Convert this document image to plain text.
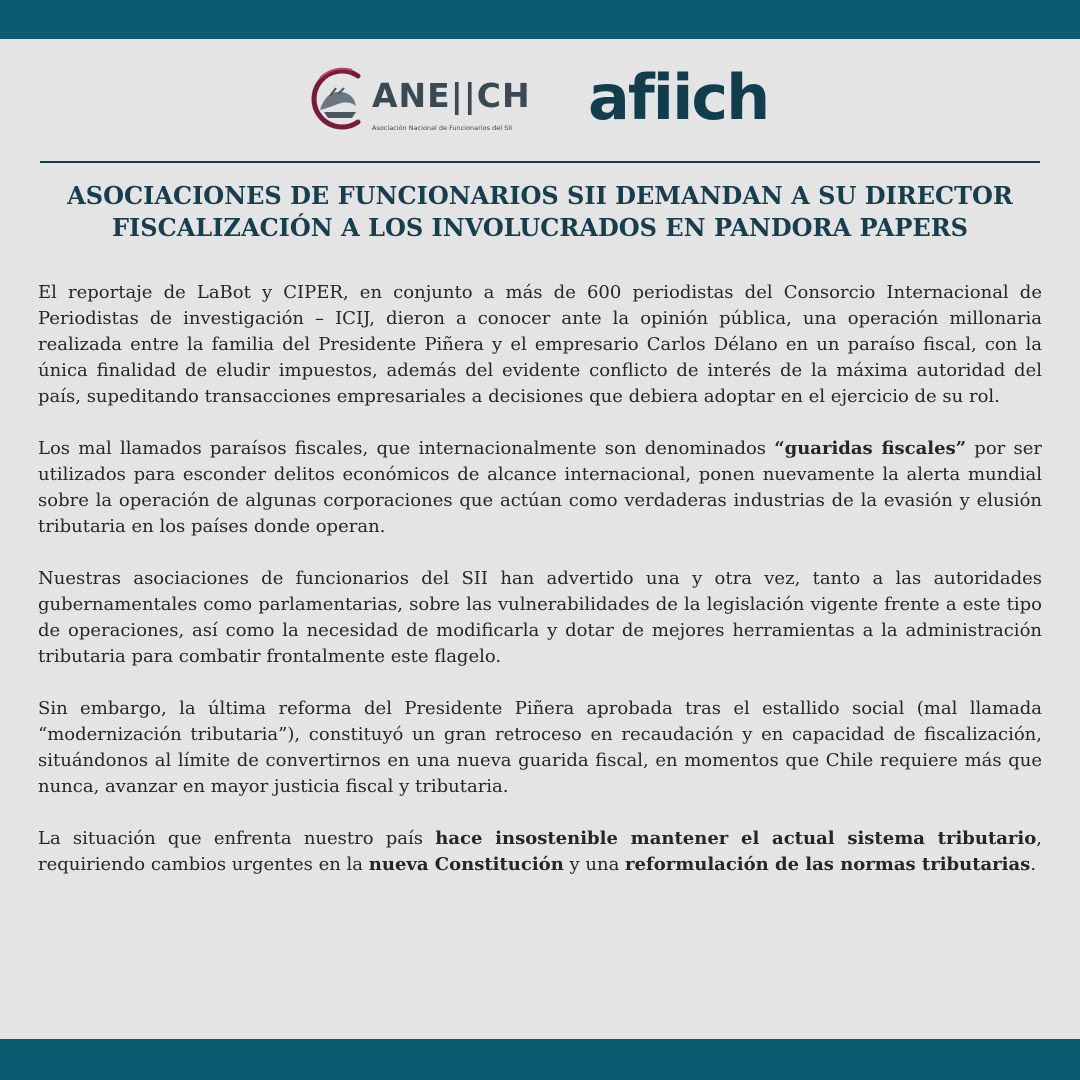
ANE||CH
Asociación Nacional de Funcionarios del SII afiich
ASOCIACIONES DE FUNCIONARIOS SII DEMANDAN A SU DIRECTOR
FISCALIZACIÓN A LOS INVOLUCRADOS EN PANDORA PAPERS

El reportaje de LaBot y CIPER, en conjunto a más de 600 periodistas del Consorcio Internacional de Periodistas de investigación – ICIJ, dieron a conocer ante la opinión pública, una operación millonaria realizada entre la familia del Presidente Piñera y el empresario Carlos Délano en un paraíso fiscal, con la única finalidad de eludir impuestos, además del evidente conflicto de interés de la máxima autoridad del país, supeditando transacciones empresariales a decisiones que debiera adoptar en el ejercicio de su rol.

Los mal llamados paraísos fiscales, que internacionalmente son denominados “guaridas fiscales” por ser utilizados para esconder delitos económicos de alcance internacional, ponen nuevamente la alerta mundial sobre la operación de algunas corporaciones que actúan como verdaderas industrias de la evasión y elusión tributaria en los países donde operan.

Nuestras asociaciones de funcionarios del SII han advertido una y otra vez, tanto a las autoridades gubernamentales como parlamentarias, sobre las vulnerabilidades de la legislación vigente frente a este tipo de operaciones, así como la necesidad de modificarla y dotar de mejores herramientas a la administración tributaria para combatir frontalmente este flagelo.

Sin embargo, la última reforma del Presidente Piñera aprobada tras el estallido social (mal llamada “modernización tributaria”), constituyó un gran retroceso en recaudación y en capacidad de fiscalización, situándonos al límite de convertirnos en una nueva guarida fiscal, en momentos que Chile requiere más que nunca, avanzar en mayor justicia fiscal y tributaria.

La situación que enfrenta nuestro país hace insostenible mantener el actual sistema tributario, requiriendo cambios urgentes en la nueva Constitución y una reformulación de las normas tributarias.
